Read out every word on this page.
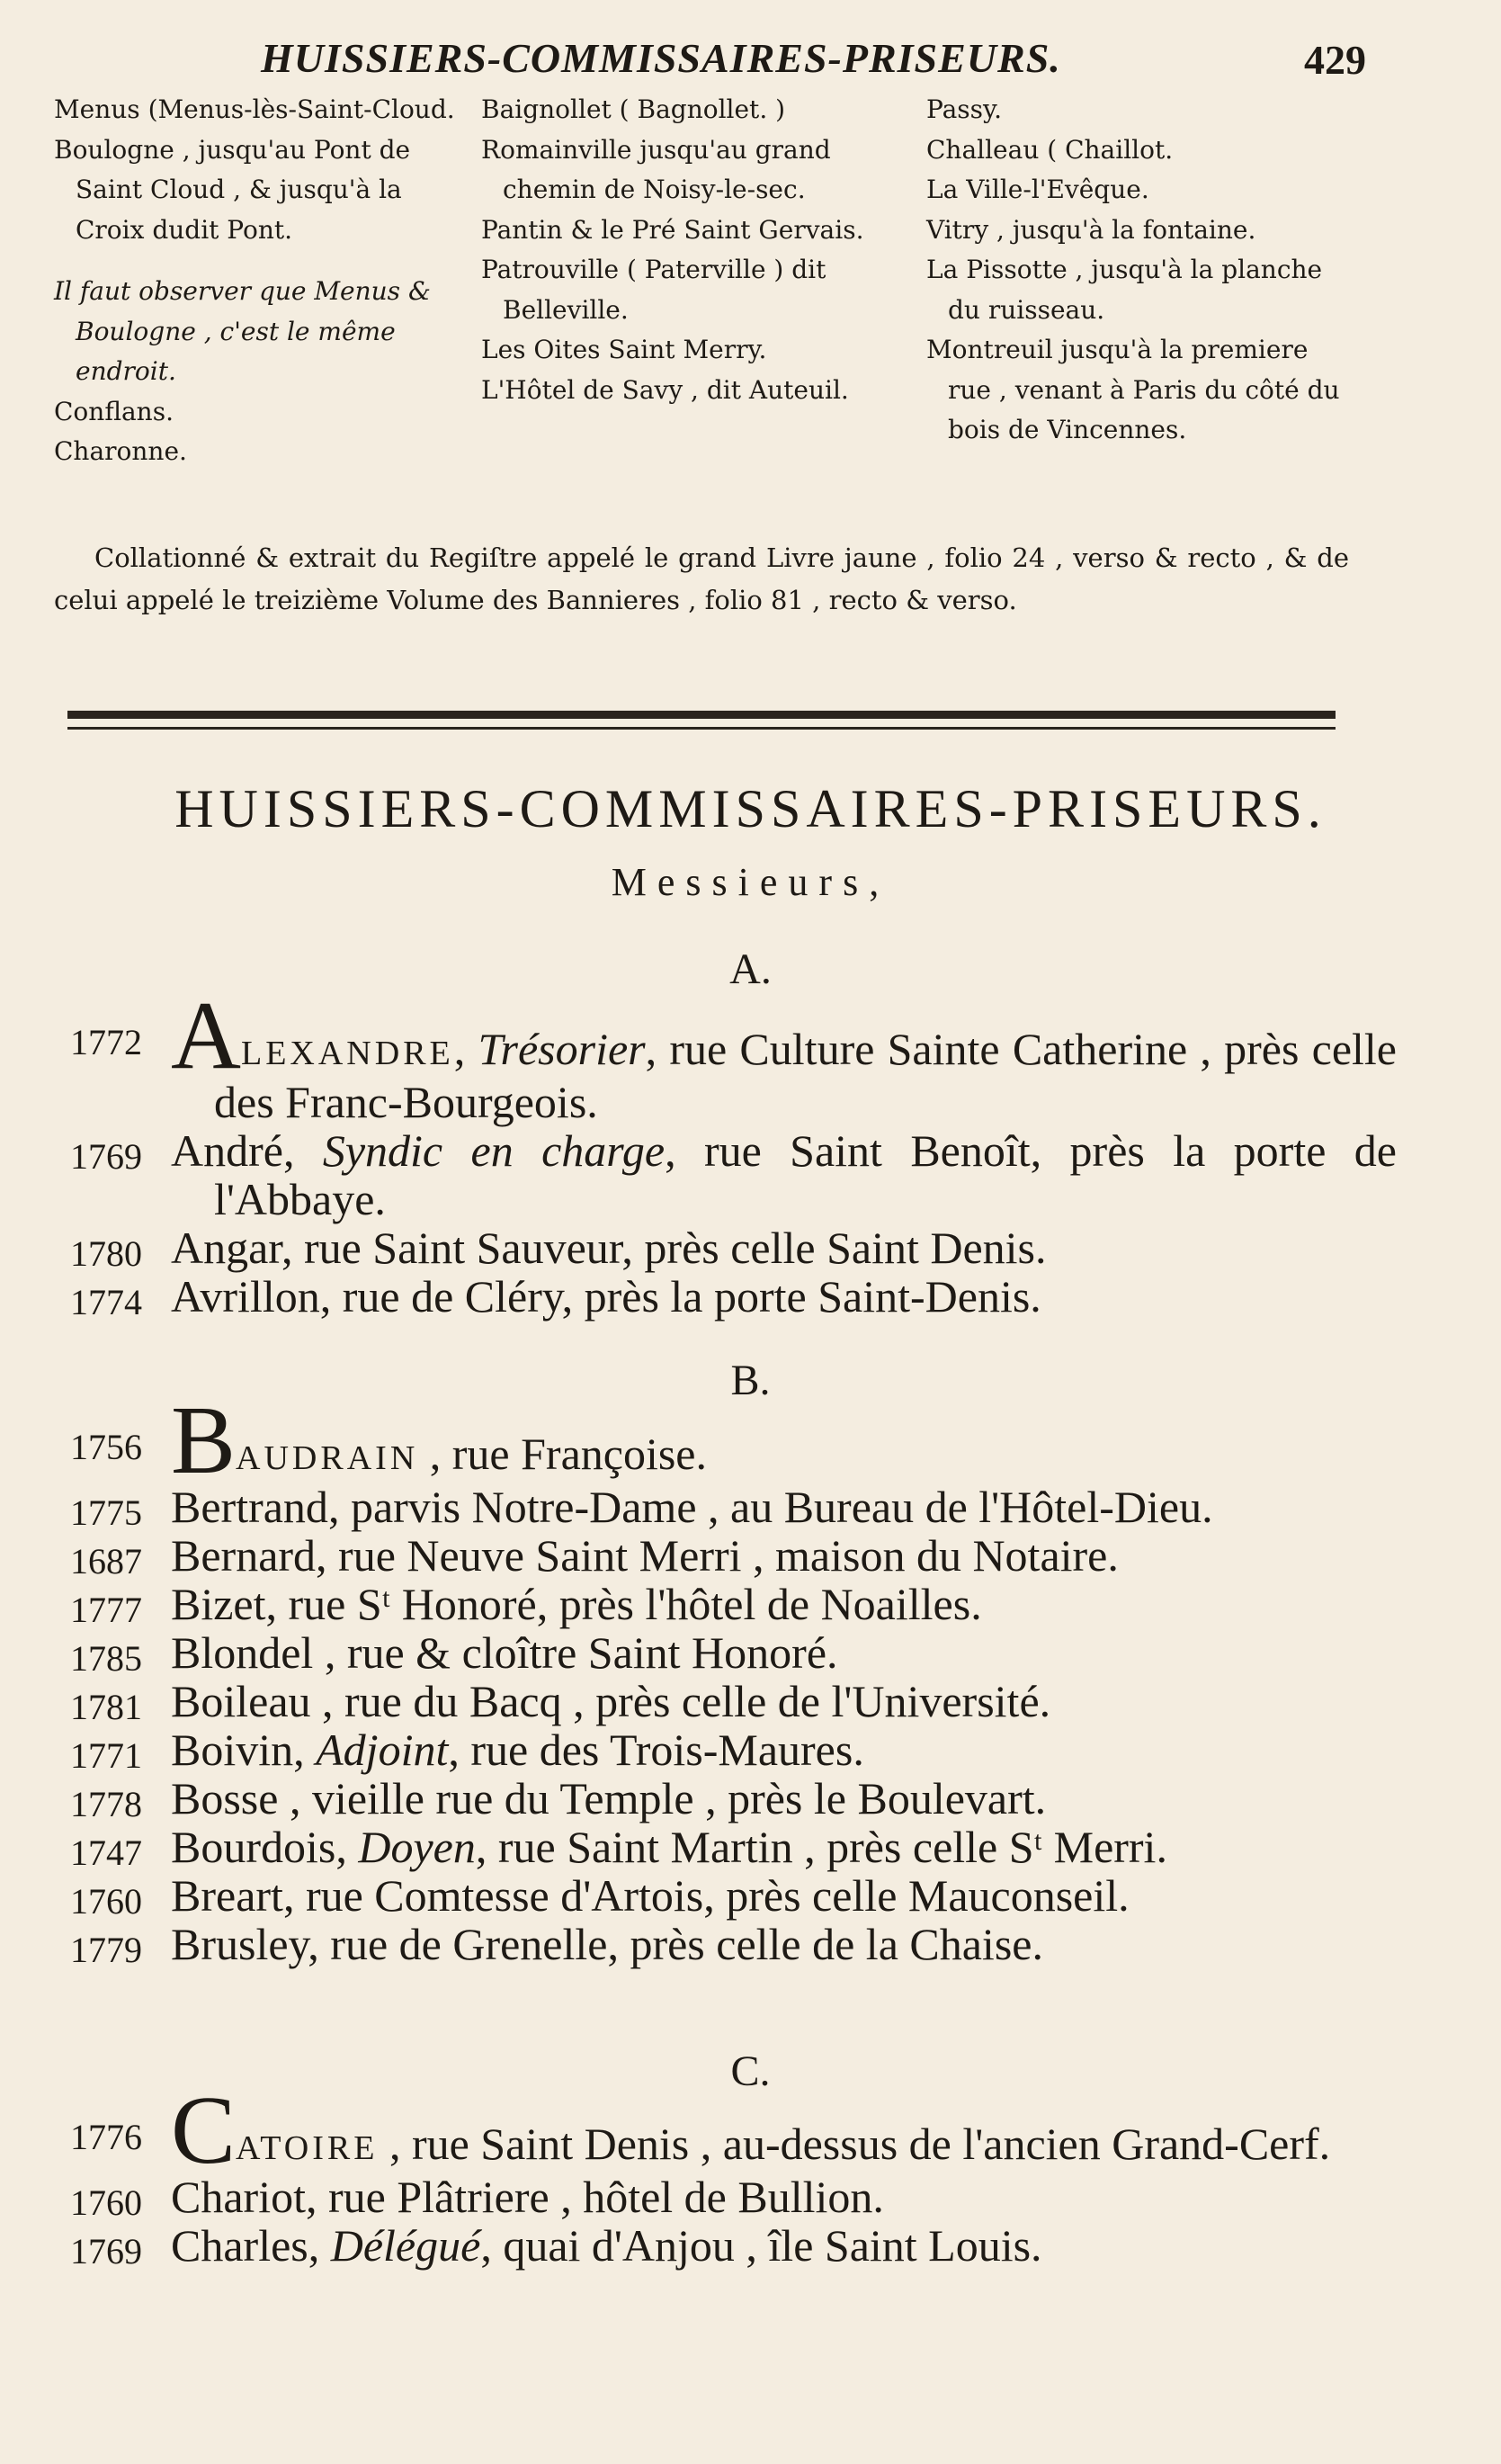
HUISSIERS-COMMISSAIRES-PRISEURS.	429

Menus (Menus-lès-Saint-Cloud.

Boulogne , jusqu'au Pont de Saint Cloud , & jusqu'à la Croix dudit Pont.

Il faut observer que Menus & Boulogne , c'est le même endroit.

Conflans.

Charonne.

Baignollet ( Bagnollet. )

Romainville jusqu'au grand chemin de Noisy-le-sec.

Pantin & le Pré Saint Gervais.

Patrouville ( Paterville ) dit Belleville.

Les Oites Saint Merry.

L'Hôtel de Savy , dit Auteuil.

Passy.

Challeau ( Chaillot.

La Ville-l'Evêque.

Vitry , jusqu'à la fontaine.

La Pissotte , jusqu'à la planche du ruisseau.

Montreuil jusqu'à la premiere rue , venant à Paris du côté du bois de Vincennes.

Collationné & extrait du Regiſtre appelé le grand Livre jaune , folio 24 , verso & recto , & de celui appelé le treizième Volume des Bannieres , folio 81 , recto & verso.

HUISSIERS-COMMISSAIRES-PRISEURS.
Messieurs,
A.
1772 ALEXANDRE, Trésorier, rue Culture Sainte Catherine , près celle des Franc-Bourgeois.
1769 André, Syndic en charge, rue Saint Benoît, près la porte de l'Abbaye.
1780 Angar, rue Saint Sauveur, près celle Saint Denis.
1774 Avrillon, rue de Cléry, près la porte Saint-Denis.
B.
1756 BAUDRAIN , rue Françoise.
1775 Bertrand, parvis Notre-Dame , au Bureau de l'Hôtel-Dieu.
1687 Bernard, rue Neuve Saint Merri , maison du Notaire.
1777 Bizet, rue Sᵗ Honoré, près l'hôtel de Noailles.
1785 Blondel , rue & cloître Saint Honoré.
1781 Boileau , rue du Bacq , près celle de l'Université.
1771 Boivin, Adjoint, rue des Trois-Maures.
1778 Bosse , vieille rue du Temple , près le Boulevart.
1747 Bourdois, Doyen, rue Saint Martin , près celle Sᵗ Merri.
1760 Breart, rue Comtesse d'Artois, près celle Mauconseil.
1779 Brusley, rue de Grenelle, près celle de la Chaise.
C.
1776 CATOIRE , rue Saint Denis , au-dessus de l'ancien Grand-Cerf.
1760 Chariot, rue Plâtriere , hôtel de Bullion.
1769 Charles, Délégué, quai d'Anjou , île Saint Louis.
